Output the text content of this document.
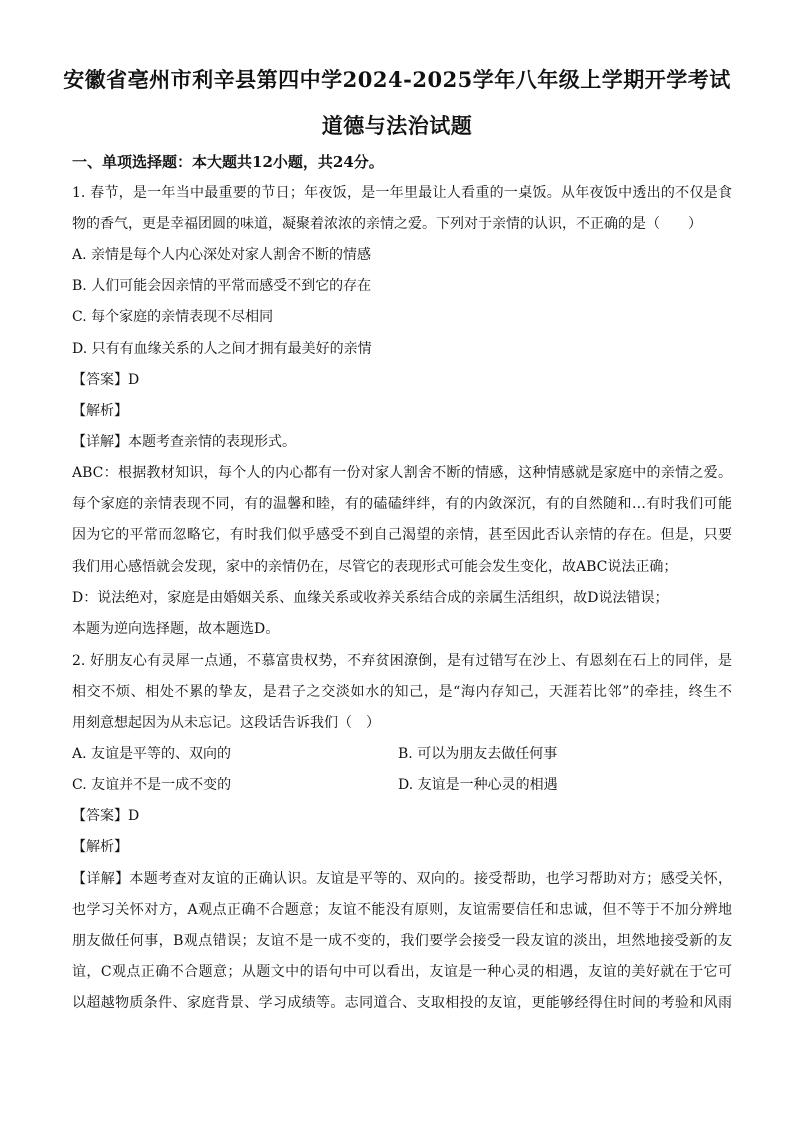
安徽省亳州市利辛县第四中学2024-2025学年八年级上学期开学考试
道德与法治试题
一、单项选择题：本大题共12小题，共24分。
1. 春节，是一年当中最重要的节日；年夜饭，是一年里最让人看重的一桌饭。从年夜饭中透出的不仅是食
物的香气，更是幸福团圆的味道，凝聚着浓浓的亲情之爱。下列对于亲情的认识，不正确的是（　　）
A. 亲情是每个人内心深处对家人割舍不断的情感
B. 人们可能会因亲情的平常而感受不到它的存在
C. 每个家庭的亲情表现不尽相同
D. 只有有血缘关系的人之间才拥有最美好的亲情
【答案】D
【解析】
【详解】本题考查亲情的表现形式。
ABC：根据教材知识，每个人的内心都有一份对家人割舍不断的情感，这种情感就是家庭中的亲情之爱。
每个家庭的亲情表现不同，有的温馨和睦，有的磕磕绊绊，有的内敛深沉，有的自然随和…有时我们可能
因为它的平常而忽略它，有时我们似乎感受不到自己渴望的亲情，甚至因此否认亲情的存在。但是，只要
我们用心感悟就会发现，家中的亲情仍在，尽管它的表现形式可能会发生变化，故ABC说法正确；
D：说法绝对，家庭是由婚姻关系、血缘关系或收养关系结合成的亲属生活组织，故D说法错误；
本题为逆向选择题，故本题选D。
2. 好朋友心有灵犀一点通，不慕富贵权势，不弃贫困潦倒，是有过错写在沙上、有恩刻在石上的同伴，是
相交不烦、相处不累的挚友，是君子之交淡如水的知己，是“海内存知己，天涯若比邻”的牵挂，终生不
用刻意想起因为从未忘记。这段话告诉我们（　）
A. 友谊是平等的、双向的	B. 可以为朋友去做任何事
C. 友谊并不是一成不变的	D. 友谊是一种心灵的相遇
【答案】D
【解析】
【详解】本题考查对友谊的正确认识。友谊是平等的、双向的。接受帮助，也学习帮助对方；感受关怀，
也学习关怀对方，A观点正确不合题意；友谊不能没有原则，友谊需要信任和忠诚，但不等于不加分辨地
朋友做任何事，B观点错误；友谊不是一成不变的，我们要学会接受一段友谊的淡出，坦然地接受新的友
谊，C观点正确不合题意；从题文中的语句中可以看出，友谊是一种心灵的相遇，友谊的美好就在于它可
以超越物质条件、家庭背景、学习成绩等。志同道合、支取相投的友谊，更能够经得住时间的考验和风雨
